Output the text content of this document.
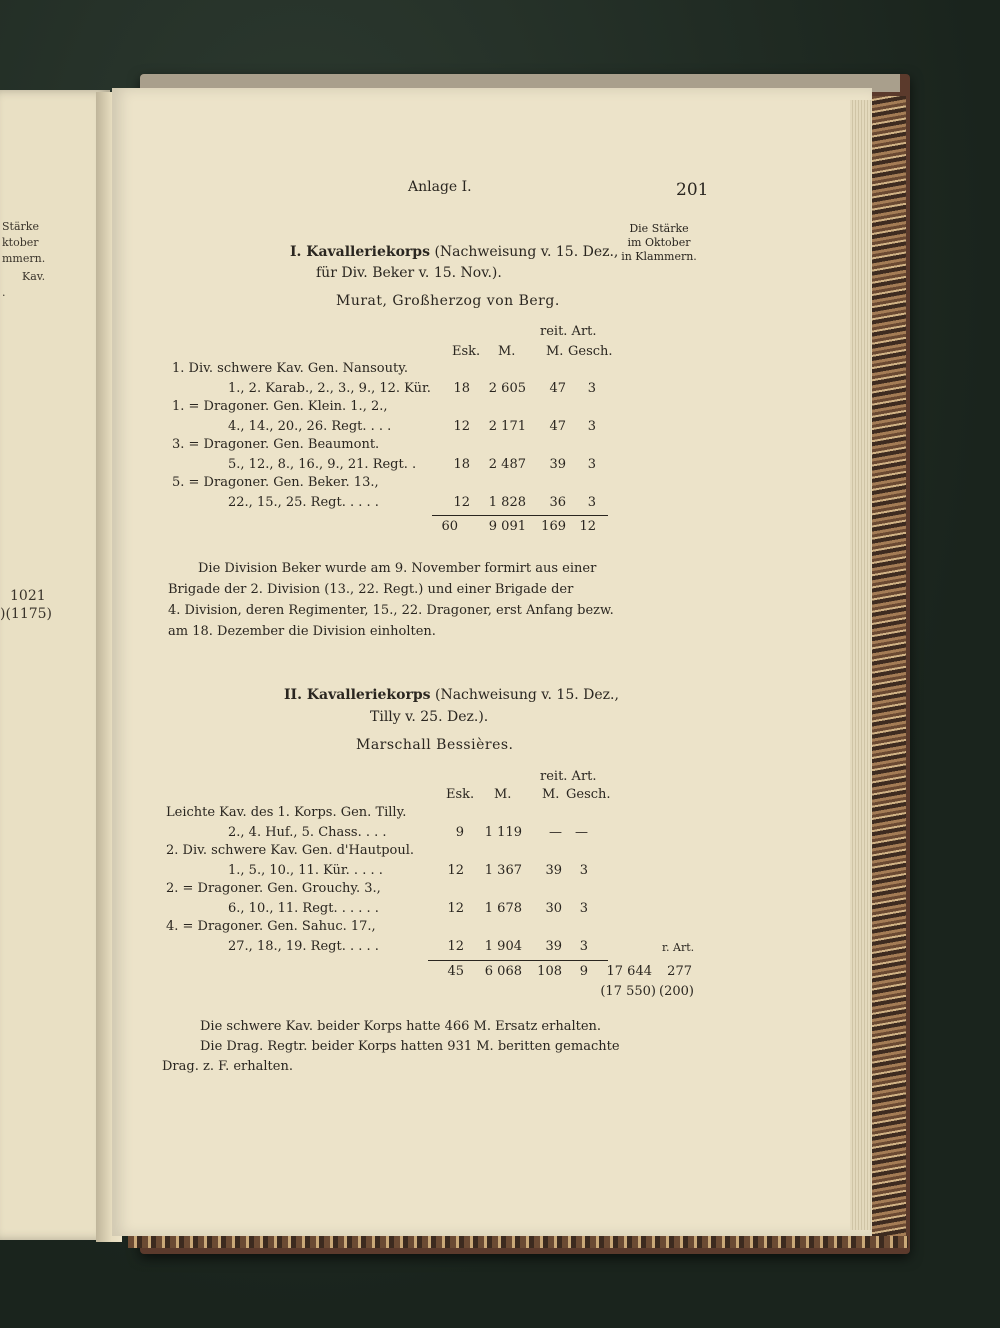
Stärke
ktober
mmern.
Kav.
.
1021
)(1175)
Anlage I.	201
Die Stärke
im Oktober
in Klammern.
I. Kavalleriekorps (Nachweisung v. 15. Dez.,
für Div. Beker v. 15. Nov.).
Murat, Großherzog von Berg.
reit. Art.
Esk. M. M. Gesch.
1. Div. schwere Kav. Gen. Nansouty.
1., 2. Karab., 2., 3., 9., 12. Kür.	18	2 605	47	3
1. = Dragoner. Gen. Klein. 1., 2.,
4., 14., 20., 26. Regt. . . .	12	2 171	47	3
3. = Dragoner. Gen. Beaumont.
5., 12., 8., 16., 9., 21. Regt. .	18	2 487	39	3
5. = Dragoner. Gen. Beker. 13.,
22., 15., 25. Regt. . . . .	12	1 828	36	3
60	9 091	169	12
Die Division Beker wurde am 9. November formirt aus einer
Brigade der 2. Division (13., 22. Regt.) und einer Brigade der
4. Division, deren Regimenter, 15., 22. Dragoner, erst Anfang bezw.
am 18. Dezember die Division einholten.
II. Kavalleriekorps (Nachweisung v. 15. Dez.,
Tilly v. 25. Dez.).
Marschall Bessières.
reit. Art.
Esk. M. M. Gesch.
Leichte Kav. des 1. Korps. Gen. Tilly.
2., 4. Huf., 5. Chass. . . .	9	1 119	—	—
2. Div. schwere Kav. Gen. d'Hautpoul.
1., 5., 10., 11. Kür. . . . .	12	1 367	39	3
2. = Dragoner. Gen. Grouchy. 3.,
6., 10., 11. Regt. . . . . .	12	1 678	30	3
4. = Dragoner. Gen. Sahuc. 17.,
27., 18., 19. Regt. . . . .	12	1 904	39	3	r. Art.
45	6 068	108	9	17 644	277
(17 550) (200)
Die schwere Kav. beider Korps hatte 466 M. Ersatz erhalten.
Die Drag. Regtr. beider Korps hatten 931 M. beritten gemachte
Drag. z. F. erhalten.
